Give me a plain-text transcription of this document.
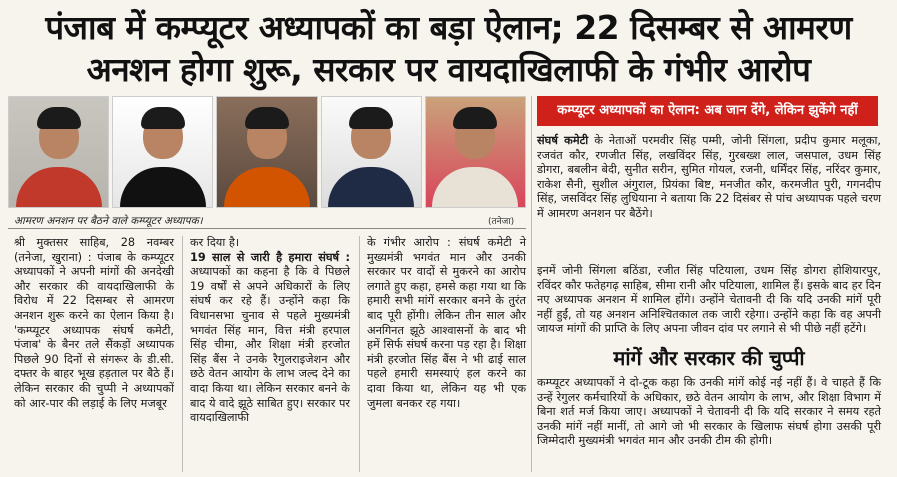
पंजाब में कम्प्यूटर अध्यापकों का बड़ा ऐलान; 22 दिसम्बर से आमरण
अनशन होगा शुरू, सरकार पर वायदाखिलाफी के गंभीर आरोप
आमरण अनशन पर बैठने वाले कम्प्यूटर अध्यापक।	(तनेजा)
श्री मुक्तसर साहिब, 28 नवम्बर (तनेजा, खुराना) : पंजाब के कम्प्यूटर अध्यापकों ने अपनी मांगों की अनदेखी और सरकार की वायदाखिलाफी के विरोध में 22 दिसम्बर से आमरण अनशन शुरू करने का ऐलान किया है। 'कम्प्यूटर अध्यापक संघर्ष कमेटी, पंजाब' के बैनर तले सैंकड़ों अध्यापक पिछले 90 दिनों से संगरूर के डी.सी. दफ्तर के बाहर भूख हड़ताल पर बैठे हैं। लेकिन सरकार की चुप्पी ने अध्यापकों को आर-पार की लड़ाई के लिए मजबूर
कर दिया है।
19 साल से जारी है हमारा संघर्ष : अध्यापकों का कहना है कि वे पिछले 19 वर्षों से अपने अधिकारों के लिए संघर्ष कर रहे हैं। उन्होंने कहा कि विधानसभा चुनाव से पहले मुख्यमंत्री भगवंत सिंह मान, वित्त मंत्री हरपाल सिंह चीमा, और शिक्षा मंत्री हरजोत सिंह बैंस ने उनके रैगुलराइजेशन और छठे वेतन आयोग के लाभ जल्द देने का वादा किया था। लेकिन सरकार बनने के बाद ये वादे झूठे साबित हुए। सरकार पर वायदाखिलाफी
के गंभीर आरोप : संघर्ष कमेटी ने मुख्यमंत्री भगवंत मान और उनकी सरकार पर वादों से मुकरने का आरोप लगाते हुए कहा, हमसे कहा गया था कि हमारी सभी मांगें सरकार बनने के तुरंत बाद पूरी होंगी। लेकिन तीन साल और अनगिनत झूठे आश्वासनों के बाद भी हमें सिर्फ संघर्ष करना पड़ रहा है। शिक्षा मंत्री हरजोत सिंह बैंस ने भी ढाई साल पहले हमारी समस्याएं हल करने का दावा किया था, लेकिन यह भी एक जुमला बनकर रह गया।
कम्प्यूटर अध्यापकों का ऐलान: अब जान देंगे, लेकिन झुकेंगे नहीं
संघर्ष कमेटी के नेताओं परमवीर सिंह पम्मी, जोनी सिंगला, प्रदीप कुमार मलूका, रजवंत कौर, रणजीत सिंह, लखविंदर सिंह, गुरबख्श लाल, जसपाल, उधम सिंह डोगरा, बबलीन बेदी, सुनीत सरीन, सुमित गोयल, रजनी, धर्मिंदर सिंह, नरिंदर कुमार, राकेश सैनी, सुशील अंगुराल, प्रियंका बिष्ट, मनजीत कौर, करमजीत पुरी, गगनदीप सिंह, जसविंदर सिंह लुधियाना ने बताया कि 22 दिसंबर से पांच अध्यापक पहले चरण में आमरण अनशन पर बैठेंगे।
इनमें जोनी सिंगला बठिंडा, रजीत सिंह पटियाला, उधम सिंह डोगरा होशियारपुर, रविंदर कौर फतेहगढ़ साहिब, सीमा रानी और पटियाला, शामिल हैं। इसके बाद हर दिन नए अध्यापक अनशन में शामिल होंगे। उन्होंने चेतावनी दी कि यदि उनकी मांगें पूरी नहीं हुईं, तो यह अनशन अनिश्चितकाल तक जारी रहेगा। उन्होंने कहा कि वह अपनी जायज मांगों की प्राप्ति के लिए अपना जीवन दांव पर लगाने से भी पीछे नहीं हटेंगे।
मांगें और सरकार की चुप्पी
कम्प्यूटर अध्यापकों ने दो-टूक कहा कि उनकी मांगें कोई नई नहीं हैं। वे चाहते हैं कि उन्हें रेगुलर कर्मचारियों के अधिकार, छठे वेतन आयोग के लाभ, और शिक्षा विभाग में बिना शर्त मर्ज किया जाए। अध्यापकों ने चेतावनी दी कि यदि सरकार ने समय रहते उनकी मांगें नहीं मानीं, तो आगे जो भी सरकार के खिलाफ संघर्ष होगा उसकी पूरी जिम्मेदारी मुख्यमंत्री भगवंत मान और उनकी टीम की होगी।
